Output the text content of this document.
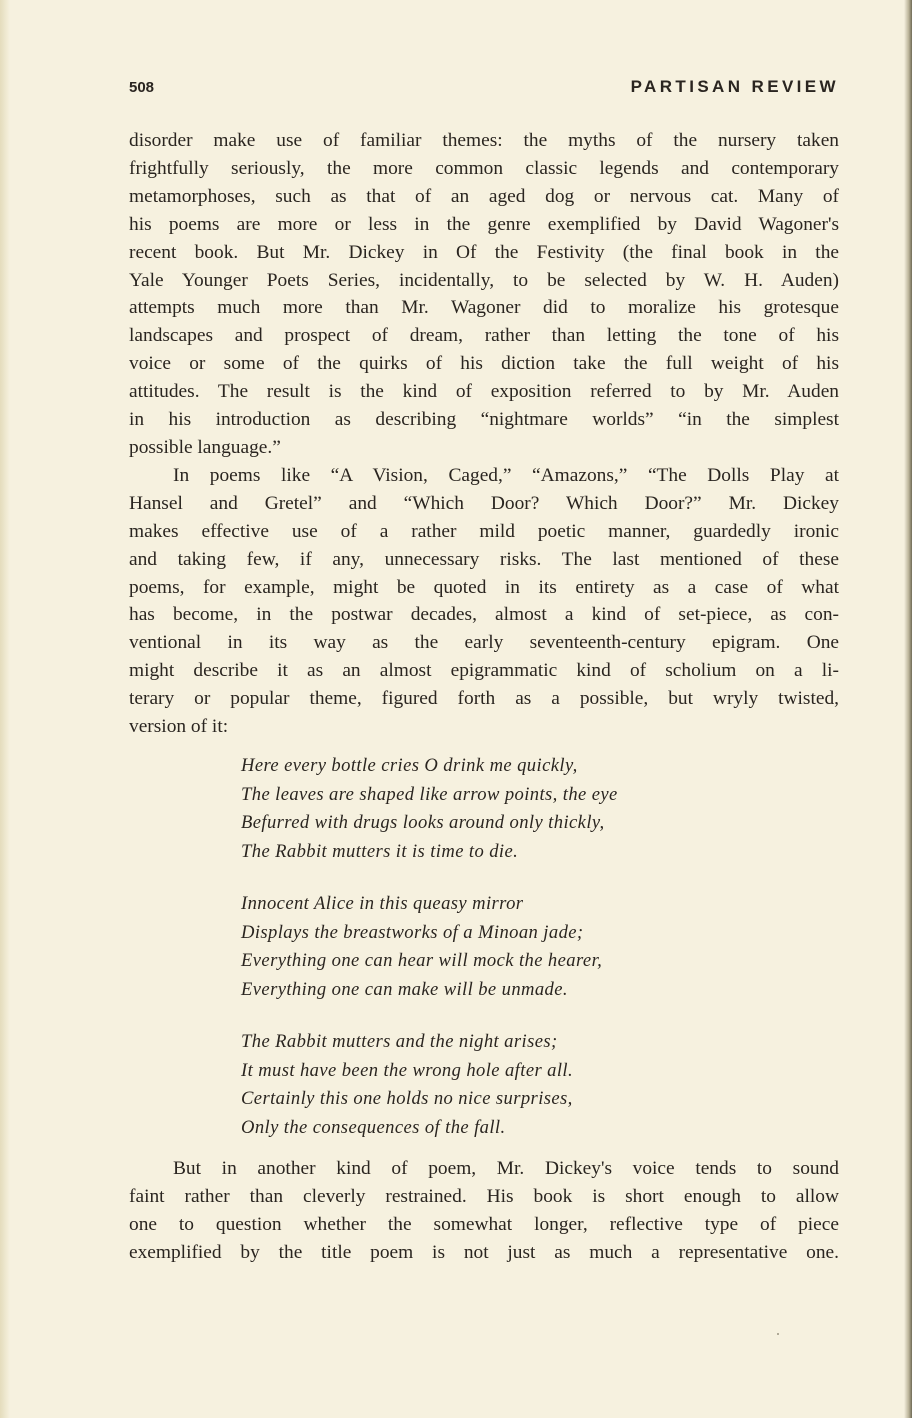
508	PARTISAN REVIEW
disorder make use of familiar themes: the myths of the nursery taken
frightfully seriously, the more common classic legends and contemporary
metamorphoses, such as that of an aged dog or nervous cat. Many of
his poems are more or less in the genre exemplified by David Wagoner's
recent book. But Mr. Dickey in Of the Festivity (the final book in the
Yale Younger Poets Series, incidentally, to be selected by W. H. Auden)
attempts much more than Mr. Wagoner did to moralize his grotesque
landscapes and prospect of dream, rather than letting the tone of his
voice or some of the quirks of his diction take the full weight of his
attitudes. The result is the kind of exposition referred to by Mr. Auden
in his introduction as describing “nightmare worlds” “in the simplest
possible language.”
In poems like “A Vision, Caged,” “Amazons,” “The Dolls Play at
Hansel and Gretel” and “Which Door? Which Door?” Mr. Dickey
makes effective use of a rather mild poetic manner, guardedly ironic
and taking few, if any, unnecessary risks. The last mentioned of these
poems, for example, might be quoted in its entirety as a case of what
has become, in the postwar decades, almost a kind of set-piece, as con-
ventional in its way as the early seventeenth-century epigram. One
might describe it as an almost epigrammatic kind of scholium on a li-
terary or popular theme, figured forth as a possible, but wryly twisted,
version of it:
Here every bottle cries O drink me quickly,
The leaves are shaped like arrow points, the eye
Befurred with drugs looks around only thickly,
The Rabbit mutters it is time to die.
Innocent Alice in this queasy mirror
Displays the breastworks of a Minoan jade;
Everything one can hear will mock the hearer,
Everything one can make will be unmade.
The Rabbit mutters and the night arises;
It must have been the wrong hole after all.
Certainly this one holds no nice surprises,
Only the consequences of the fall.
But in another kind of poem, Mr. Dickey's voice tends to sound
faint rather than cleverly restrained. His book is short enough to allow
one to question whether the somewhat longer, reflective type of piece
exemplified by the title poem is not just as much a representative one.
